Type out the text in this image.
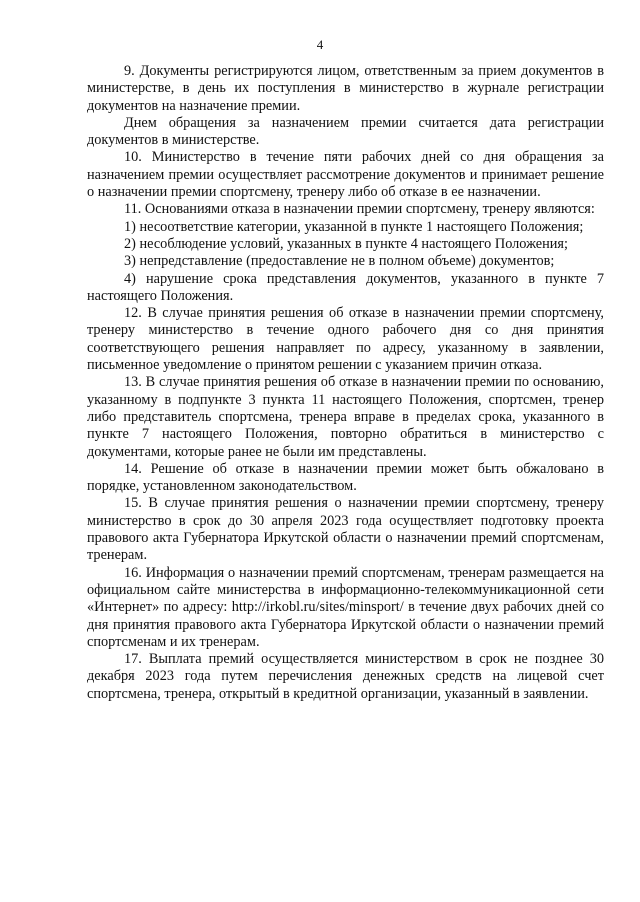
4

9. Документы регистрируются лицом, ответственным за прием документов в министерстве, в день их поступления в министерство в журнале регистрации документов на назначение премии.

Днем обращения за назначением премии считается дата регистрации документов в министерстве.

10. Министерство в течение пяти рабочих дней со дня обращения за назначением премии осуществляет рассмотрение документов и принимает решение о назначении премии спортсмену, тренеру либо об отказе в ее назначении.

11. Основаниями отказа в назначении премии спортсмену, тренеру являются:

1) несоответствие категории, указанной в пункте 1 настоящего Положения;

2) несоблюдение условий, указанных в пункте 4 настоящего Положения;

3) непредставление (предоставление не в полном объеме) документов;

4) нарушение срока представления документов, указанного в пункте 7 настоящего Положения.

12. В случае принятия решения об отказе в назначении премии спортсмену, тренеру министерство в течение одного рабочего дня со дня принятия соответствующего решения направляет по адресу, указанному в заявлении, письменное уведомление о принятом решении с указанием причин отказа.

13. В случае принятия решения об отказе в назначении премии по основанию, указанному в подпункте 3 пункта 11 настоящего Положения, спортсмен, тренер либо представитель спортсмена, тренера вправе в пределах срока, указанного в пункте 7 настоящего Положения, повторно обратиться в министерство с документами, которые ранее не были им представлены.

14. Решение об отказе в назначении премии может быть обжаловано в порядке, установленном законодательством.

15. В случае принятия решения о назначении премии спортсмену, тренеру министерство в срок до 30 апреля 2023 года осуществляет подготовку проекта правового акта Губернатора Иркутской области о назначении премий спортсменам, тренерам.

16. Информация о назначении премий спортсменам, тренерам размещается на официальном сайте министерства в информационно-телекоммуникационной сети «Интернет» по адресу: http://irkobl.ru/sites/minsport/ в течение двух рабочих дней со дня принятия правового акта Губернатора Иркутской области о назначении премий спортсменам и их тренерам.

17. Выплата премий осуществляется министерством в срок не позднее 30 декабря 2023 года путем перечисления денежных средств на лицевой счет спортсмена, тренера, открытый в кредитной организации, указанный в заявлении.
